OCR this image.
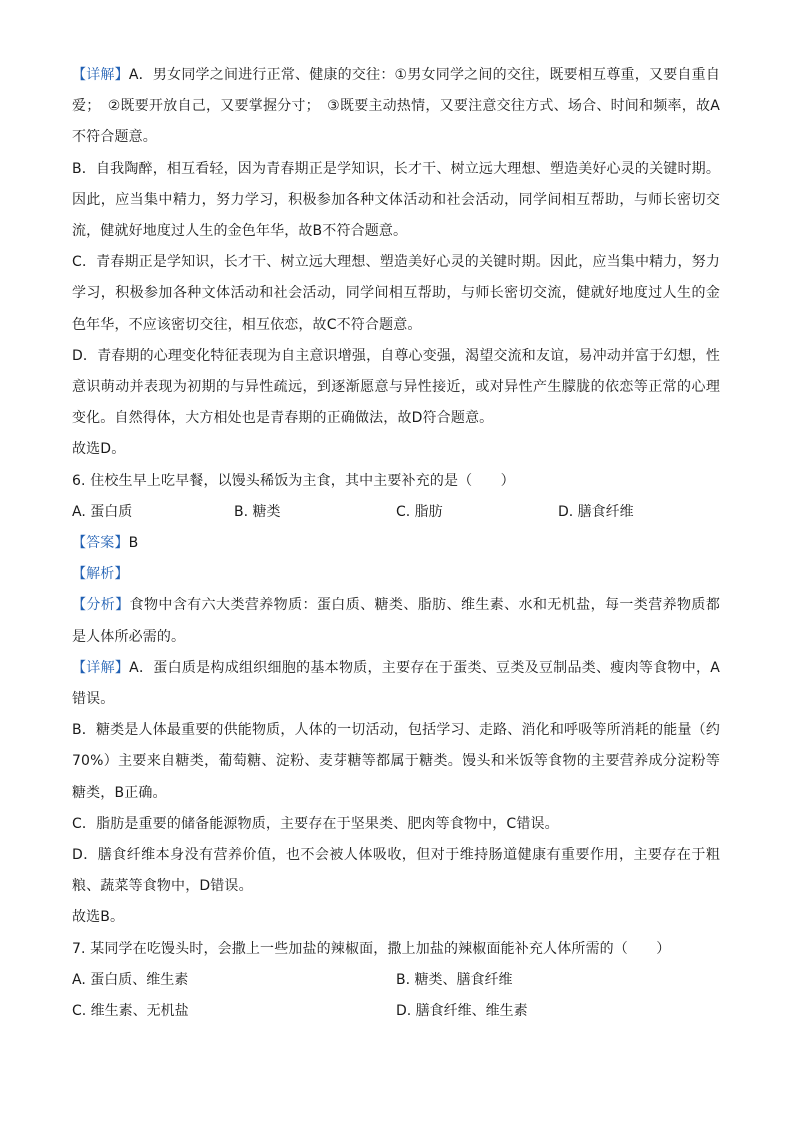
【详解】A．男女同学之间进行正常、健康的交往：①男女同学之间的交往，既要相互尊重，又要自重自爱；　②既要开放自己，又要掌握分寸；　③既要主动热情，又要注意交往方式、场合、时间和频率，故A不符合题意。

B．自我陶醉，相互看轻，因为青春期正是学知识，长才干、树立远大理想、塑造美好心灵的关键时期。因此，应当集中精力，努力学习，积极参加各种文体活动和社会活动，同学间相互帮助，与师长密切交流，健就好地度过人生的金色年华，故B不符合题意。

C．青春期正是学知识，长才干、树立远大理想、塑造美好心灵的关键时期。因此，应当集中精力，努力学习，积极参加各种文体活动和社会活动，同学间相互帮助，与师长密切交流，健就好地度过人生的金色年华，不应该密切交往，相互依恋，故C不符合题意。

D．青春期的心理变化特征表现为自主意识增强，自尊心变强，渴望交流和友谊，易冲动并富于幻想，性意识萌动并表现为初期的与异性疏远，到逐渐愿意与异性接近，或对异性产生朦胧的依恋等正常的心理变化。自然得体，大方相处也是青春期的正确做法，故D符合题意。

故选D。

6. 住校生早上吃早餐，以馒头稀饭为主食，其中主要补充的是（　　）

A. 蛋白质	B. 糖类	C. 脂肪	D. 膳食纤维

【答案】B

【解析】

【分析】食物中含有六大类营养物质：蛋白质、糖类、脂肪、维生素、水和无机盐，每一类营养物质都是人体所必需的。

【详解】A．蛋白质是构成组织细胞的基本物质，主要存在于蛋类、豆类及豆制品类、瘦肉等食物中，A错误。

B．糖类是人体最重要的供能物质，人体的一切活动，包括学习、走路、消化和呼吸等所消耗的能量（约70%）主要来自糖类，葡萄糖、淀粉、麦芽糖等都属于糖类。馒头和米饭等食物的主要营养成分淀粉等糖类，B正确。

C．脂肪是重要的储备能源物质，主要存在于坚果类、肥肉等食物中，C错误。

D．膳食纤维本身没有营养价值，也不会被人体吸收，但对于维持肠道健康有重要作用，主要存在于粗粮、蔬菜等食物中，D错误。

故选B。

7. 某同学在吃馒头时，会撒上一些加盐的辣椒面，撒上加盐的辣椒面能补充人体所需的（　　）

A. 蛋白质、维生素	B. 糖类、膳食纤维
C. 维生素、无机盐	D. 膳食纤维、维生素
